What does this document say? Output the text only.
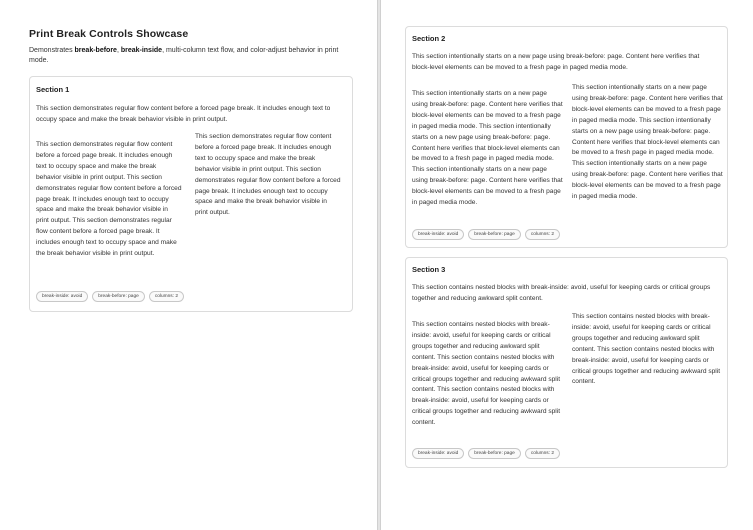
Print Break Controls Showcase
Demonstrates break-before, break-inside, multi-column text flow, and color-adjust behavior in print mode.
Section 1
This section demonstrates regular flow content before a forced page break. It includes enough text to occupy space and make the break behavior visible in print output.
This section demonstrates regular flow content before a forced page break. It includes enough text to occupy space and make the break behavior visible in print output. This section demonstrates regular flow content before a forced page break. It includes enough text to occupy space and make the break behavior visible in print output. This section demonstrates regular flow content before a forced page break. It includes enough text to occupy space and make the break behavior visible in print output.
This section demonstrates regular flow content before a forced page break. It includes enough text to occupy space and make the break behavior visible in print output. This section demonstrates regular flow content before a forced page break. It includes enough text to occupy space and make the break behavior visible in print output.
break-inside: avoid	break-before: page	columns: 2
Section 2
This section intentionally starts on a new page using break-before: page. Content here verifies that block-level elements can be moved to a fresh page in paged media mode.
This section intentionally starts on a new page using break-before: page. Content here verifies that block-level elements can be moved to a fresh page in paged media mode. This section intentionally starts on a new page using break-before: page. Content here verifies that block-level elements can be moved to a fresh page in paged media mode. This section intentionally starts on a new page using break-before: page. Content here verifies that block-level elements can be moved to a fresh page in paged media mode.
This section intentionally starts on a new page using break-before: page. Content here verifies that block-level elements can be moved to a fresh page in paged media mode. This section intentionally starts on a new page using break-before: page. Content here verifies that block-level elements can be moved to a fresh page in paged media mode. This section intentionally starts on a new page using break-before: page. Content here verifies that block-level elements can be moved to a fresh page in paged media mode.
break-inside: avoid	break-before: page	columns: 2
Section 3
This section contains nested blocks with break-inside: avoid, useful for keeping cards or critical groups together and reducing awkward split content.
This section contains nested blocks with break-inside: avoid, useful for keeping cards or critical groups together and reducing awkward split content. This section contains nested blocks with break-inside: avoid, useful for keeping cards or critical groups together and reducing awkward split content. This section contains nested blocks with break-inside: avoid, useful for keeping cards or critical groups together and reducing awkward split content.
This section contains nested blocks with break-inside: avoid, useful for keeping cards or critical groups together and reducing awkward split content. This section contains nested blocks with break-inside: avoid, useful for keeping cards or critical groups together and reducing awkward split content.
break-inside: avoid	break-before: page	columns: 2
